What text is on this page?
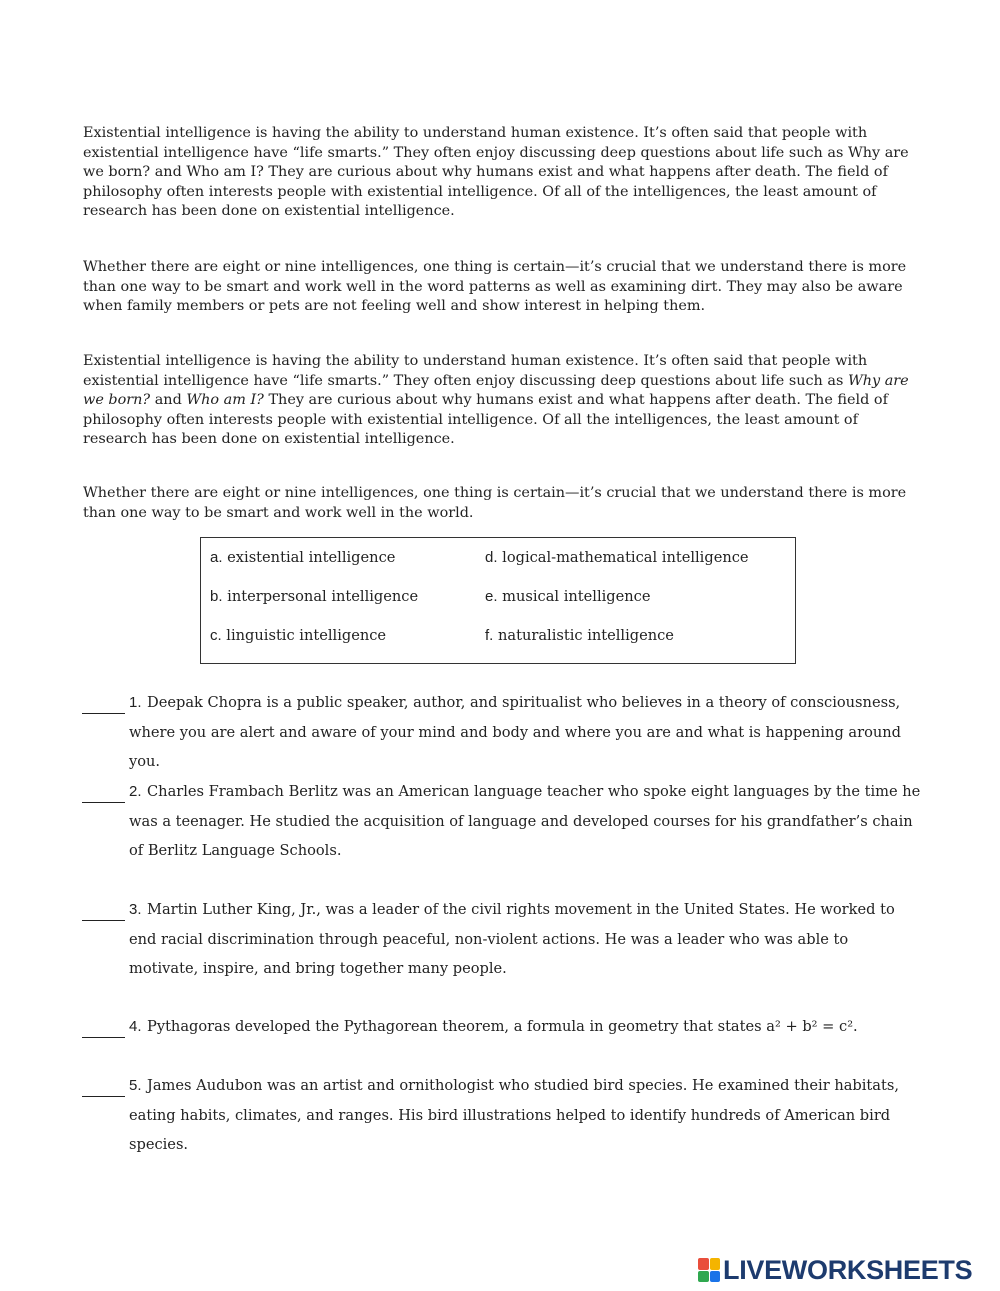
Existential intelligence is having the ability to understand human existence. It’s often said that people with existential intelligence have “life smarts.” They often enjoy discussing deep questions about life such as Why are we born? and Who am I? They are curious about why humans exist and what happens after death. The field of philosophy often interests people with existential intelligence. Of all of the intelligences, the least amount of research has been done on existential intelligence.

Whether there are eight or nine intelligences, one thing is certain—it’s crucial that we understand there is more than one way to be smart and work well in the word patterns as well as examining dirt. They may also be aware when family members or pets are not feeling well and show interest in helping them.

Existential intelligence is having the ability to understand human existence. It’s often said that people with existential intelligence have “life smarts.” They often enjoy discussing deep questions about life such as Why are we born? and Who am I? They are curious about why humans exist and what happens after death. The field of philosophy often interests people with existential intelligence. Of all the intelligences, the least amount of research has been done on existential intelligence.

Whether there are eight or nine intelligences, one thing is certain—it’s crucial that we understand there is more than one way to be smart and work well in the world.

a. existential intelligence
b. interpersonal intelligence
c. linguistic intelligence
d. logical-mathematical intelligence
e. musical intelligence
f. naturalistic intelligence
1. Deepak Chopra is a public speaker, author, and spiritualist who believes in a theory of consciousness, where you are alert and aware of your mind and body and where you are and what is happening around you.

2. Charles Frambach Berlitz was an American language teacher who spoke eight languages by the time he was a teenager. He studied the acquisition of language and developed courses for his grandfather’s chain of Berlitz Language Schools.

3. Martin Luther King, Jr., was a leader of the civil rights movement in the United States. He worked to end racial discrimination through peaceful, non-violent actions. He was a leader who was able to motivate, inspire, and bring together many people.

4. Pythagoras developed the Pythagorean theorem, a formula in geometry that states a² + b² = c².

5. James Audubon was an artist and ornithologist who studied bird species. He examined their habitats, eating habits, climates, and ranges. His bird illustrations helped to identify hundreds of American bird species.

LIVEWORKSHEETS
